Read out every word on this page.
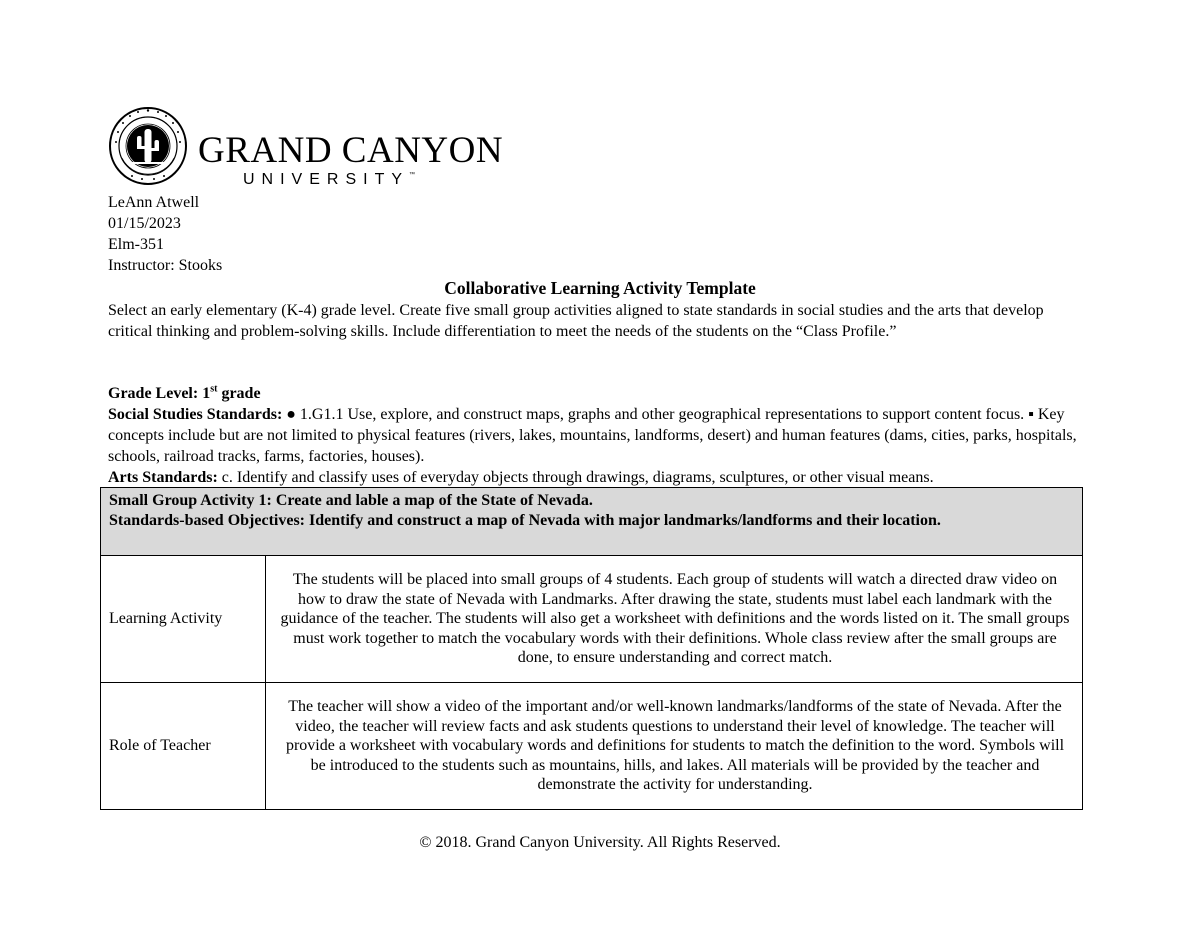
GRAND CANYON
UNIVERSITY™
LeAnn Atwell
01/15/2023
Elm-351
Instructor: Stooks
Collaborative Learning Activity Template

Select an early elementary (K-4) grade level. Create five small group activities aligned to state standards in social studies and the arts that develop critical thinking and problem-solving skills. Include differentiation to meet the needs of the students on the “Class Profile.”

Grade Level: 1st grade
Social Studies Standards: ● 1.G1.1 Use, explore, and construct maps, graphs and other geographical representations to support content focus. ▪ Key concepts include but are not limited to physical features (rivers, lakes, mountains, landforms, desert) and human features (dams, cities, parks, hospitals, schools, railroad tracks, farms, factories, houses).
Arts Standards: c. Identify and classify uses of everyday objects through drawings, diagrams, sculptures, or other visual means.
Small Group Activity 1: Create and lable a map of the State of Nevada.
Standards-based Objectives: Identify and construct a map of Nevada with major landmarks/landforms and their location.	

Learning Activity	The students will be placed into small groups of 4 students. Each group of students will watch a directed draw video on how to draw the state of Nevada with Landmarks. After drawing the state, students must label each landmark with the guidance of the teacher. The students will also get a worksheet with definitions and the words listed on it. The small groups must work together to match the vocabulary words with their definitions. Whole class review after the small groups are done, to ensure understanding and correct match.
Role of Teacher	The teacher will show a video of the important and/or well-known landmarks/landforms of the state of Nevada. After the video, the teacher will review facts and ask students questions to understand their level of knowledge. The teacher will provide a worksheet with vocabulary words and definitions for students to match the definition to the word. Symbols will be introduced to the students such as mountains, hills, and lakes. All materials will be provided by the teacher and demonstrate the activity for understanding.
© 2018. Grand Canyon University. All Rights Reserved.
